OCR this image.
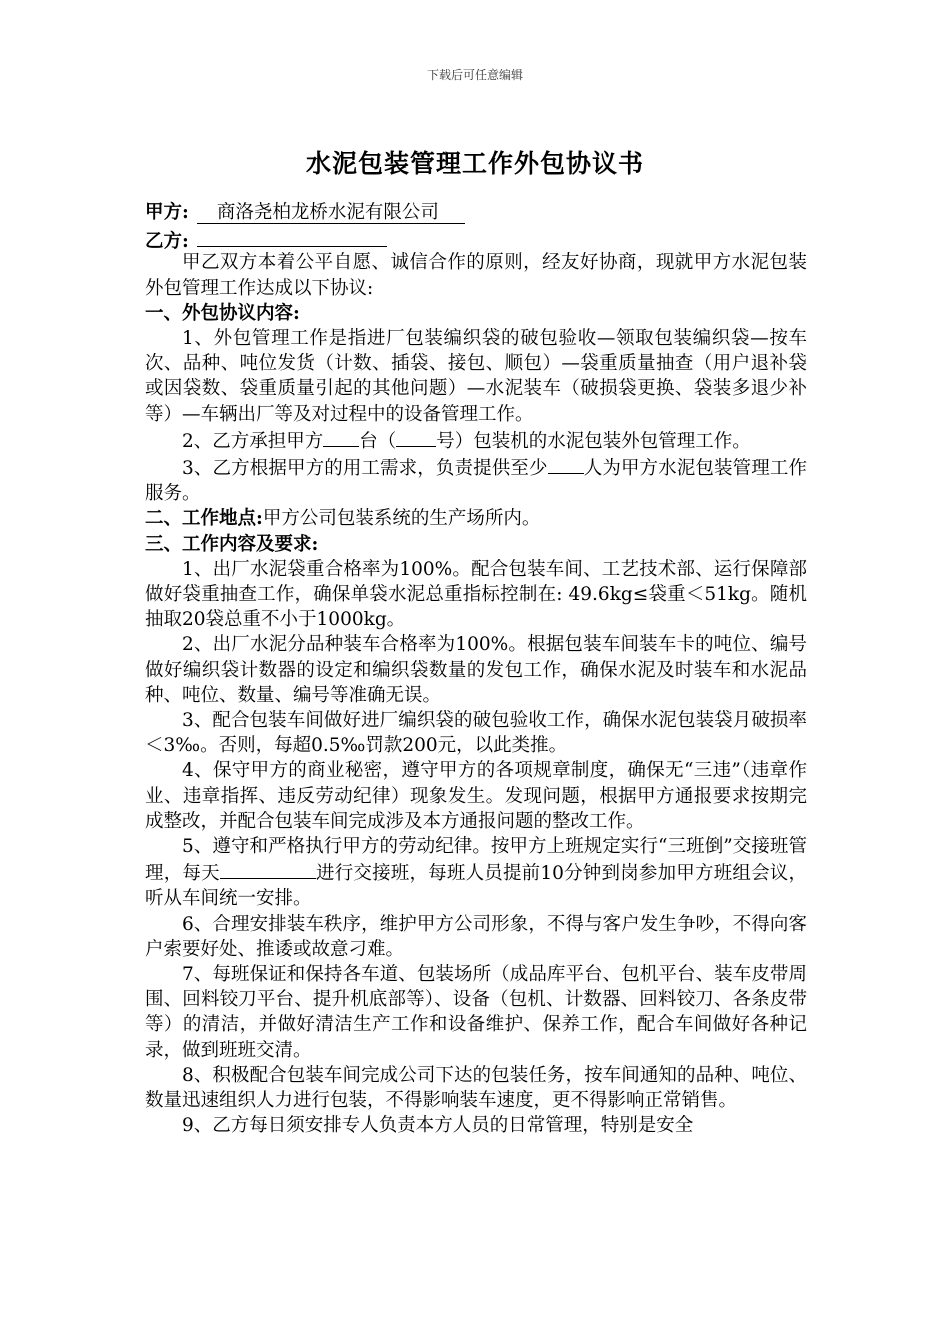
下载后可任意编辑
水泥包装管理工作外包协议书
甲方:	商洛尧柏龙桥水泥有限公司
乙方:

甲乙双方本着公平自愿、诚信合作的原则，经友好协商，现就甲方水泥包装外包管理工作达成以下协议:

一、外包协议内容:

1、外包管理工作是指进厂包装编织袋的破包验收—领取包装编织袋—按车次、品种、吨位发货（计数、插袋、接包、顺包）—袋重质量抽查（用户退补袋或因袋数、袋重质量引起的其他问题）—水泥装车（破损袋更换、袋装多退少补等）—车辆出厂等及对过程中的设备管理工作。

2、乙方承担甲方 台（ 号）包装机的水泥包装外包管理工作。

3、乙方根据甲方的用工需求，负责提供至少 人为甲方水泥包装管理工作服务。

二、工作地点:甲方公司包装系统的生产场所内。

三、工作内容及要求:

1、出厂水泥袋重合格率为100%。配合包装车间、工艺技术部、运行保障部做好袋重抽查工作，确保单袋水泥总重指标控制在: 49.6kg≤袋重＜51kg。随机抽取20袋总重不小于1000kg。

2、出厂水泥分品种装车合格率为100%。根据包装车间装车卡的吨位、编号做好编织袋计数器的设定和编织袋数量的发包工作，确保水泥及时装车和水泥品种、吨位、数量、编号等准确无误。

3、配合包装车间做好进厂编织袋的破包验收工作，确保水泥包装袋月破损率＜3‰。否则，每超0.5‰罚款200元，以此类推。

4、保守甲方的商业秘密，遵守甲方的各项规章制度，确保无“三违”（违章作业、违章指挥、违反劳动纪律）现象发生。发现问题，根据甲方通报要求按期完成整改，并配合包装车间完成涉及本方通报问题的整改工作。

5、遵守和严格执行甲方的劳动纪律。按甲方上班规定实行“三班倒”交接班管理，每天	进行交接班，每班人员提前10分钟到岗参加甲方班组会议，听从车间统一安排。

6、合理安排装车秩序，维护甲方公司形象，不得与客户发生争吵，不得向客户索要好处、推诿或故意刁难。

7、每班保证和保持各车道、包装场所（成品库平台、包机平台、装车皮带周围、回料铰刀平台、提升机底部等）、设备（包机、计数器、回料铰刀、各条皮带等）的清洁，并做好清洁生产工作和设备维护、保养工作，配合车间做好各种记录，做到班班交清。

8、积极配合包装车间完成公司下达的包装任务，按车间通知的品种、吨位、数量迅速组织人力进行包装，不得影响装车速度，更不得影响正常销售。

9、乙方每日须安排专人负责本方人员的日常管理，特别是安全
